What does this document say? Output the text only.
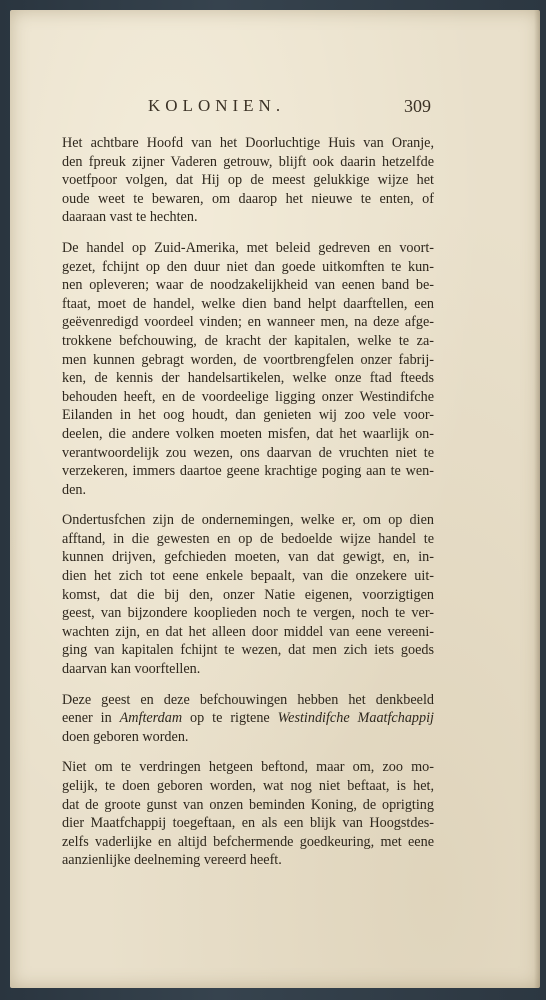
KOLONIEN.	309
Het achtbare Hoofd van het Doorluchtige Huis van Oranje,
den fpreuk zijner Vaderen getrouw, blijft ook daarin hetzelfde
voetfpoor volgen, dat Hij op de meest gelukkige wijze het
oude weet te bewaren, om daarop het nieuwe te enten, of
daaraan vast te hechten.
De handel op Zuid-Amerika, met beleid gedreven en voort-
gezet, fchijnt op den duur niet dan goede uitkomften te kun-
nen opleveren; waar de noodzakelijkheid van eenen band be-
ftaat, moet de handel, welke dien band helpt daarftellen, een
geëvenredigd voordeel vinden; en wanneer men, na deze afge-
trokkene befchouwing, de kracht der kapitalen, welke te za-
men kunnen gebragt worden, de voortbrengfelen onzer fabrij-
ken, de kennis der handelsartikelen, welke onze ftad fteeds
behouden heeft, en de voordeelige ligging onzer Westindifche
Eilanden in het oog houdt, dan genieten wij zoo vele voor-
deelen, die andere volken moeten misfen, dat het waarlijk on-
verantwoordelijk zou wezen, ons daarvan de vruchten niet te
verzekeren, immers daartoe geene krachtige poging aan te wen-
den.
Ondertusfchen zijn de ondernemingen, welke er, om op dien
afftand, in die gewesten en op de bedoelde wijze handel te
kunnen drijven, gefchieden moeten, van dat gewigt, en, in-
dien het zich tot eene enkele bepaalt, van die onzekere uit-
komst, dat die bij den, onzer Natie eigenen, voorzigtigen
geest, van bijzondere kooplieden noch te vergen, noch te ver-
wachten zijn, en dat het alleen door middel van eene vereeni-
ging van kapitalen fchijnt te wezen, dat men zich iets goeds
daarvan kan voorftellen.
Deze geest en deze befchouwingen hebben het denkbeeld
eener in Amfterdam op te rigtene Westindifche Maatfchappij
doen geboren worden.
Niet om te verdringen hetgeen beftond, maar om, zoo mo-
gelijk, te doen geboren worden, wat nog niet beftaat, is het,
dat de groote gunst van onzen beminden Koning, de oprigting
dier Maatfchappij toegeftaan, en als een blijk van Hoogstdes-
zelfs vaderlijke en altijd befchermende goedkeuring, met eene
aanzienlijke deelneming vereerd heeft.
